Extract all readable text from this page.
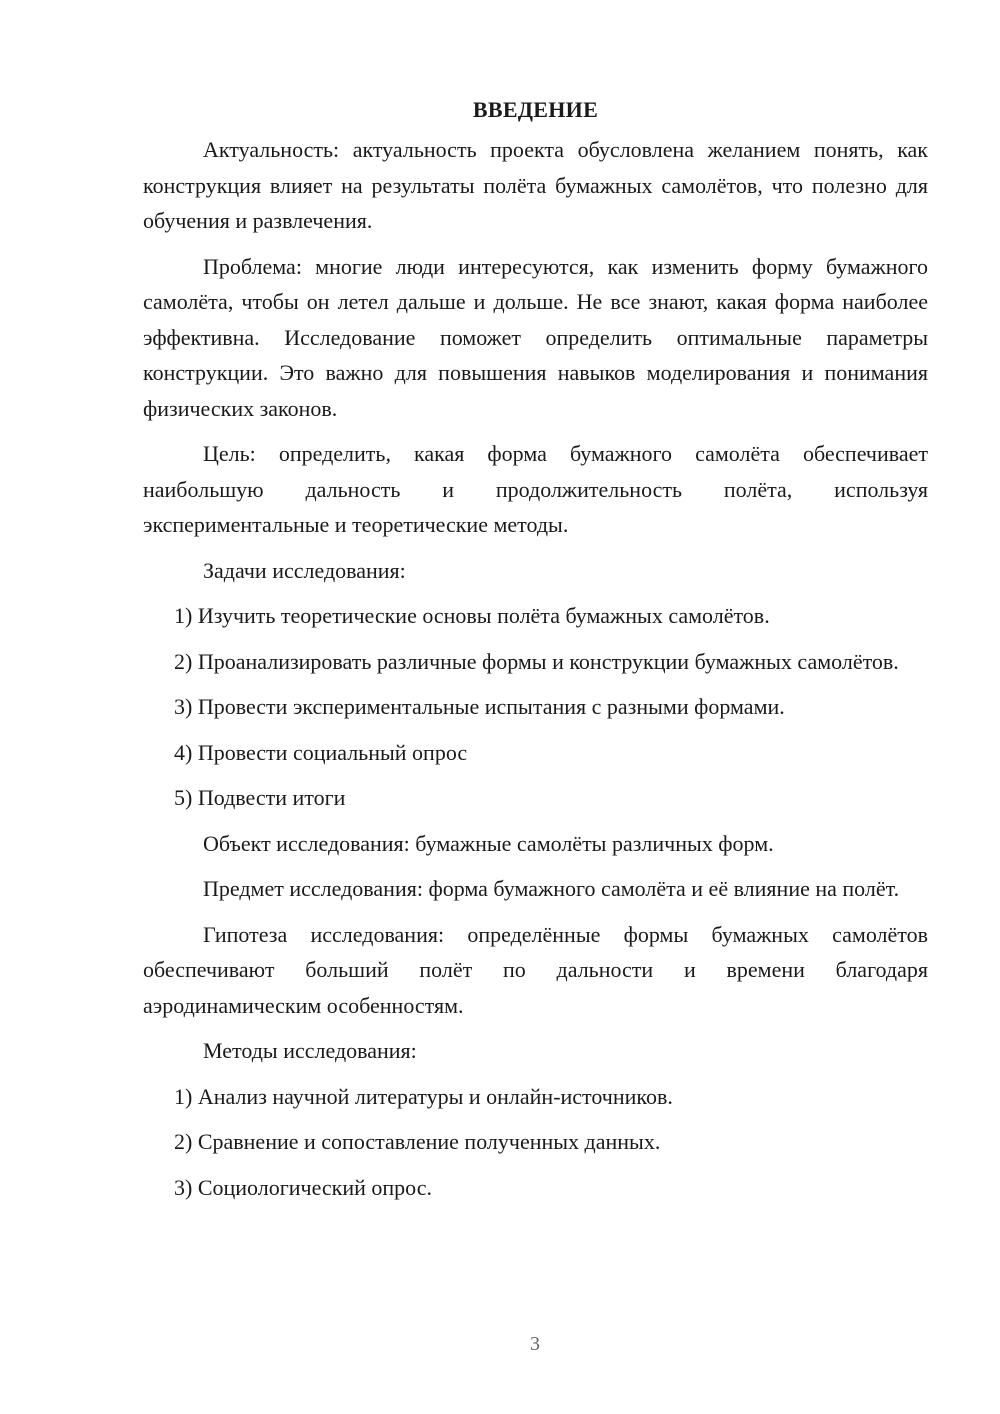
ВВЕДЕНИЕ

Актуальность: актуальность проекта обусловлена желанием понять, как конструкция влияет на результаты полёта бумажных самолётов, что полезно для обучения и развлечения.

Проблема: многие люди интересуются, как изменить форму бумажного самолёта, чтобы он летел дальше и дольше. Не все знают, какая форма наиболее эффективна. Исследование поможет определить оптимальные параметры конструкции. Это важно для повышения навыков моделирования и понимания физических законов.

Цель: определить, какая форма бумажного самолёта обеспечивает наибольшую дальность и продолжительность полёта, используя экспериментальные и теоретические методы.

Задачи исследования:

1) Изучить теоретические основы полёта бумажных самолётов.

2) Проанализировать различные формы и конструкции бумажных самолётов.

3) Провести экспериментальные испытания с разными формами.

4) Провести социальный опрос

5) Подвести итоги

Объект исследования: бумажные самолёты различных форм.

Предмет исследования: форма бумажного самолёта и её влияние на полёт.

Гипотеза исследования: определённые формы бумажных самолётов обеспечивают больший полёт по дальности и времени благодаря аэродинамическим особенностям.

Методы исследования:

1) Анализ научной литературы и онлайн-источников.

2) Сравнение и сопоставление полученных данных.

3) Социологический опрос.

3
